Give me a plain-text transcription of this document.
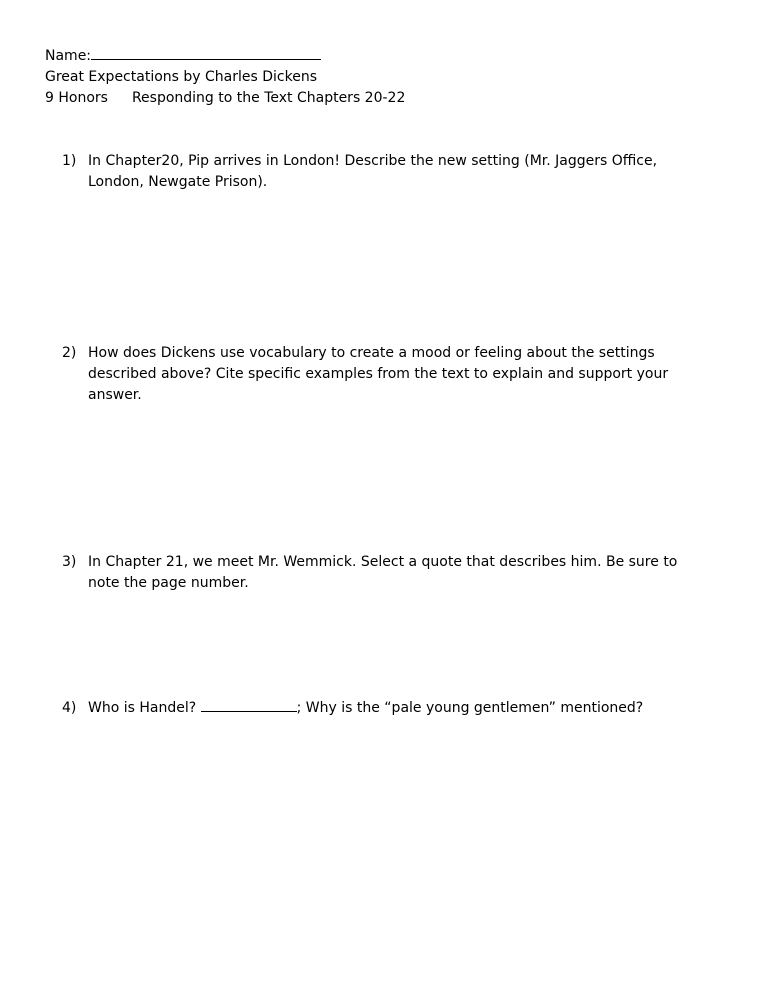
Name:
Great Expectations by Charles Dickens
9 Honors Responding to the Text Chapters 20-22
1) In Chapter20, Pip arrives in London! Describe the new setting (Mr. Jaggers Office, London, Newgate Prison).
2) How does Dickens use vocabulary to create a mood or feeling about the settings described above? Cite specific examples from the text to explain and support your answer.
3) In Chapter 21, we meet Mr. Wemmick. Select a quote that describes him. Be sure to note the page number.
4) Who is Handel?	; Why is the “pale young gentlemen” mentioned?
